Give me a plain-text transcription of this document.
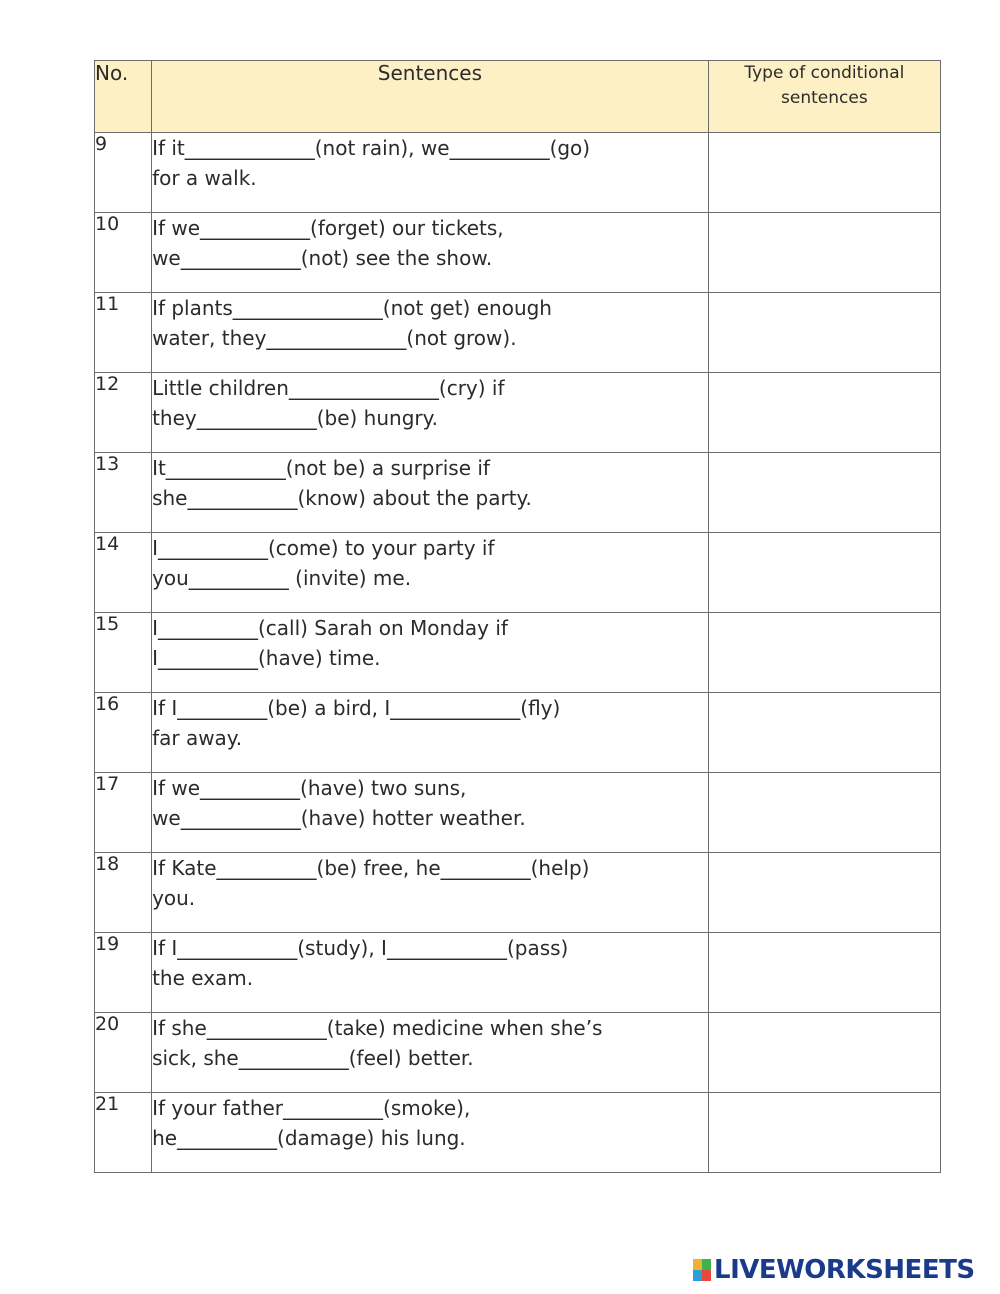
No.	Sentences	Type of conditional sentences
9	If it_____________(not rain), we__________(go)
for a walk.	

10	If we___________(forget) our tickets,
we____________(not) see the show.	

11	If plants_______________(not get) enough
water, they______________(not grow).	

12	Little children_______________(cry) if
they____________(be) hungry.	

13	It____________(not be) a surprise if
she___________(know) about the party.	

14	I___________(come) to your party if
you__________ (invite) me.	

15	I__________(call) Sarah on Monday if
I__________(have) time.	

16	If I_________(be) a bird, I_____________(fly)
far away.	

17	If we__________(have) two suns,
we____________(have) hotter weather.	

18	If Kate__________(be) free, he_________(help)
you.	

19	If I____________(study), I____________(pass)
the exam.	

20	If she____________(take) medicine when she’s
sick, she___________(feel) better.	

21	If your father__________(smoke),
he__________(damage) his lung.	

LIVEWORKSHEETS
